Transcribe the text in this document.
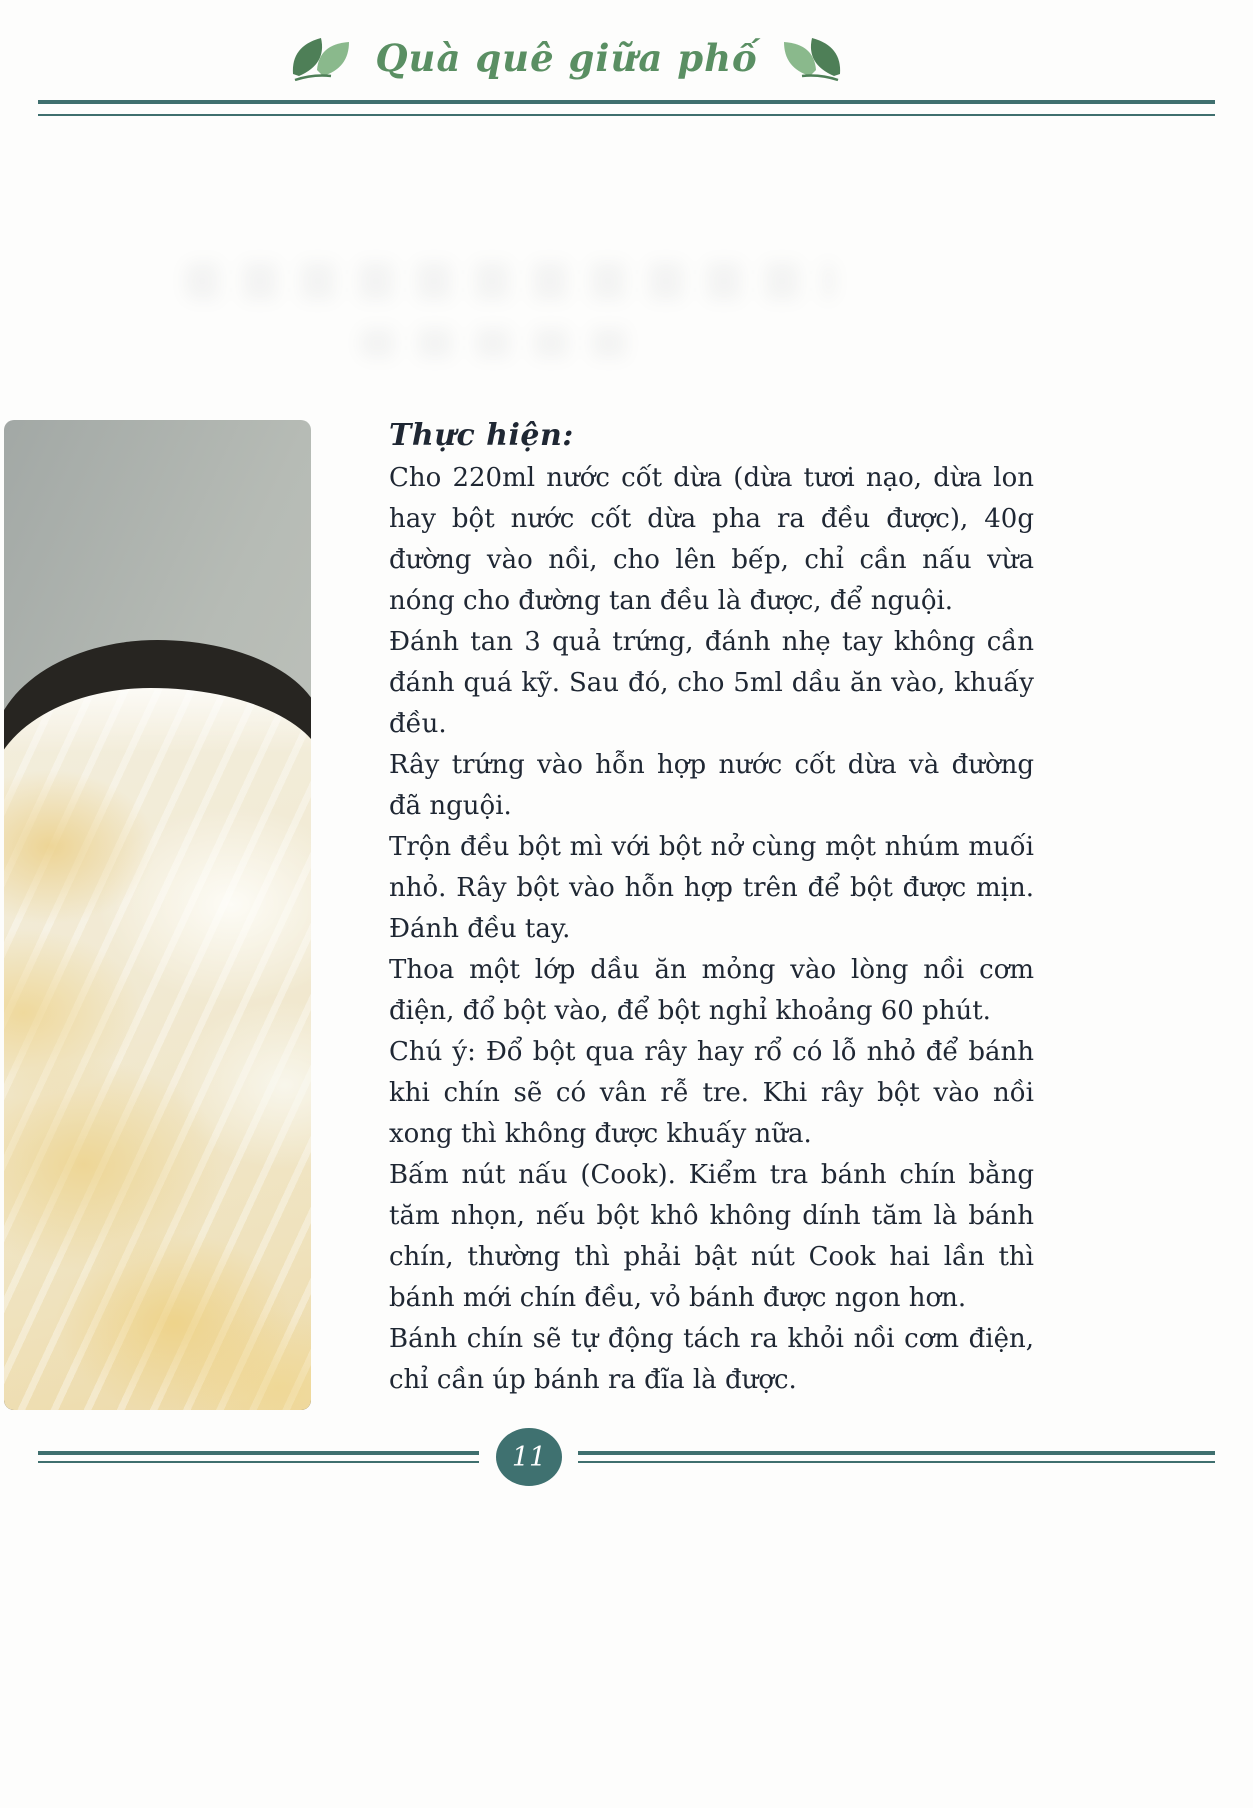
Quà quê giữa phố
Thực hiện:

Cho 220ml nước cốt dừa (dừa tươi nạo, dừa lon hay bột nước cốt dừa pha ra đều được), 40g đường vào nồi, cho lên bếp, chỉ cần nấu vừa nóng cho đường tan đều là được, để nguội.

Đánh tan 3 quả trứng, đánh nhẹ tay không cần đánh quá kỹ. Sau đó, cho 5ml dầu ăn vào, khuấy đều.

Rây trứng vào hỗn hợp nước cốt dừa và đường đã nguội.

Trộn đều bột mì với bột nở cùng một nhúm muối nhỏ. Rây bột vào hỗn hợp trên để bột được mịn. Đánh đều tay.

Thoa một lớp dầu ăn mỏng vào lòng nồi cơm điện, đổ bột vào, để bột nghỉ khoảng 60 phút.

Chú ý: Đổ bột qua rây hay rổ có lỗ nhỏ để bánh khi chín sẽ có vân rễ tre. Khi rây bột vào nồi xong thì không được khuấy nữa.

Bấm nút nấu (Cook). Kiểm tra bánh chín bằng tăm nhọn, nếu bột khô không dính tăm là bánh chín, thường thì phải bật nút Cook hai lần thì bánh mới chín đều, vỏ bánh được ngon hơn.

Bánh chín sẽ tự động tách ra khỏi nồi cơm điện, chỉ cần úp bánh ra đĩa là được.

11
